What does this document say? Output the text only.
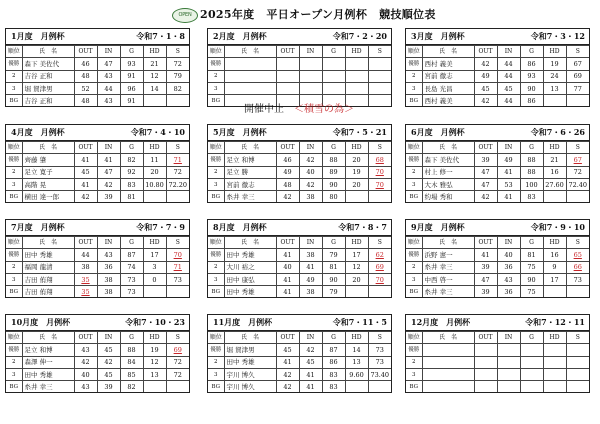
OPEN 2025年度 平日オープン月例杯 競技順位表
1月度　月例杯	令和7・1・8
順位	氏　名	OUT	IN	G	HD	S
優勝	森下 美佐代	46	47	93	21	72
2	吉谷 正和	48	43	91	12	79
3	堀 賀津男	52	44	96	14	82
BG	吉谷 正和	48	43	91		
2月度　月例杯	令和7・2・20
順位	氏　名	OUT	IN	G	HD	S
優勝						
2						
3						
BG						
開催中止　 ＜積雪の為＞
3月度　月例杯	令和7・3・12
順位	氏　名	OUT	IN	G	HD	S
優勝	西村 義美	42	44	86	19	67
2	宮前 徹志	49	44	93	24	69
3	長島 光昌	45	45	90	13	77
BG	西村 義美	42	44	86		
4月度　月例杯	令和7・4・10
順位	氏　名	OUT	IN	G	HD	S
優勝	齊藤 肇	41	41	82	11	71
2	足立 寛子	45	47	92	20	72
3	高階 晃	41	42	83	10.80	72.20
BG	横田 達一郎	42	39	81		
5月度　月例杯	令和7・5・21
順位	氏　名	OUT	IN	G	HD	S
優勝	足立 和博	46	42	88	20	68
2	足立 勝	49	40	89	19	70
3	宮前 徹志	48	42	90	20	70
BG	糸井 幸三	42	38	80		
6月度　月例杯	令和7・6・26
順位	氏　名	OUT	IN	G	HD	S
優勝	森下 美佐代	39	49	88	21	67
2	村上 修一	47	41	88	16	72
3	大木 雅弘	47	53	100	27.60	72.40
BG	約場 秀和	42	41	83		
7月度　月例杯	令和7・7・9
順位	氏　名	OUT	IN	G	HD	S
優勝	田中 秀雄	44	43	87	17	70
2	福岡 龍清	38	36	74	3	71
3	吉田 侑翔	35	38	73	0	73
BG	吉田 侑翔	35	38	73		
8月度　月例杯	令和7・8・7
順位	氏　名	OUT	IN	G	HD	S
優勝	田中 秀雄	41	38	79	17	62
2	大川 裕之	40	41	81	12	69
3	田中 康弘	41	49	90	20	70
BG	田中 秀雄	41	38	79		
9月度　月例杯	令和7・9・10
順位	氏　名	OUT	IN	G	HD	S
優勝	浜野 憲一	41	40	81	16	65
2	糸井 幸三	39	36	75	9	66
3	中西 啓一	47	43	90	17	73
BG	糸井 幸三	39	36	75		
10月度　月例杯	令和7・10・23
順位	氏　名	OUT	IN	G	HD	S
優勝	足立 和博	43	45	88	19	69
2	森澤 伸一	42	42	84	12	72
3	田中 秀雄	40	45	85	13	72
BG	糸井 幸三	43	39	82		
11月度　月例杯	令和7・11・5
順位	氏　名	OUT	IN	G	HD	S
優勝	堀 賀津男	45	42	87	14	73
2	田中 秀雄	41	45	86	13	73
3	宇川 博久	42	41	83	9.60	73.40
BG	宇川 博久	42	41	83		
12月度　月例杯	令和7・12・11
順位	氏　名	OUT	IN	G	HD	S
優勝						
2						
3						
BG						
